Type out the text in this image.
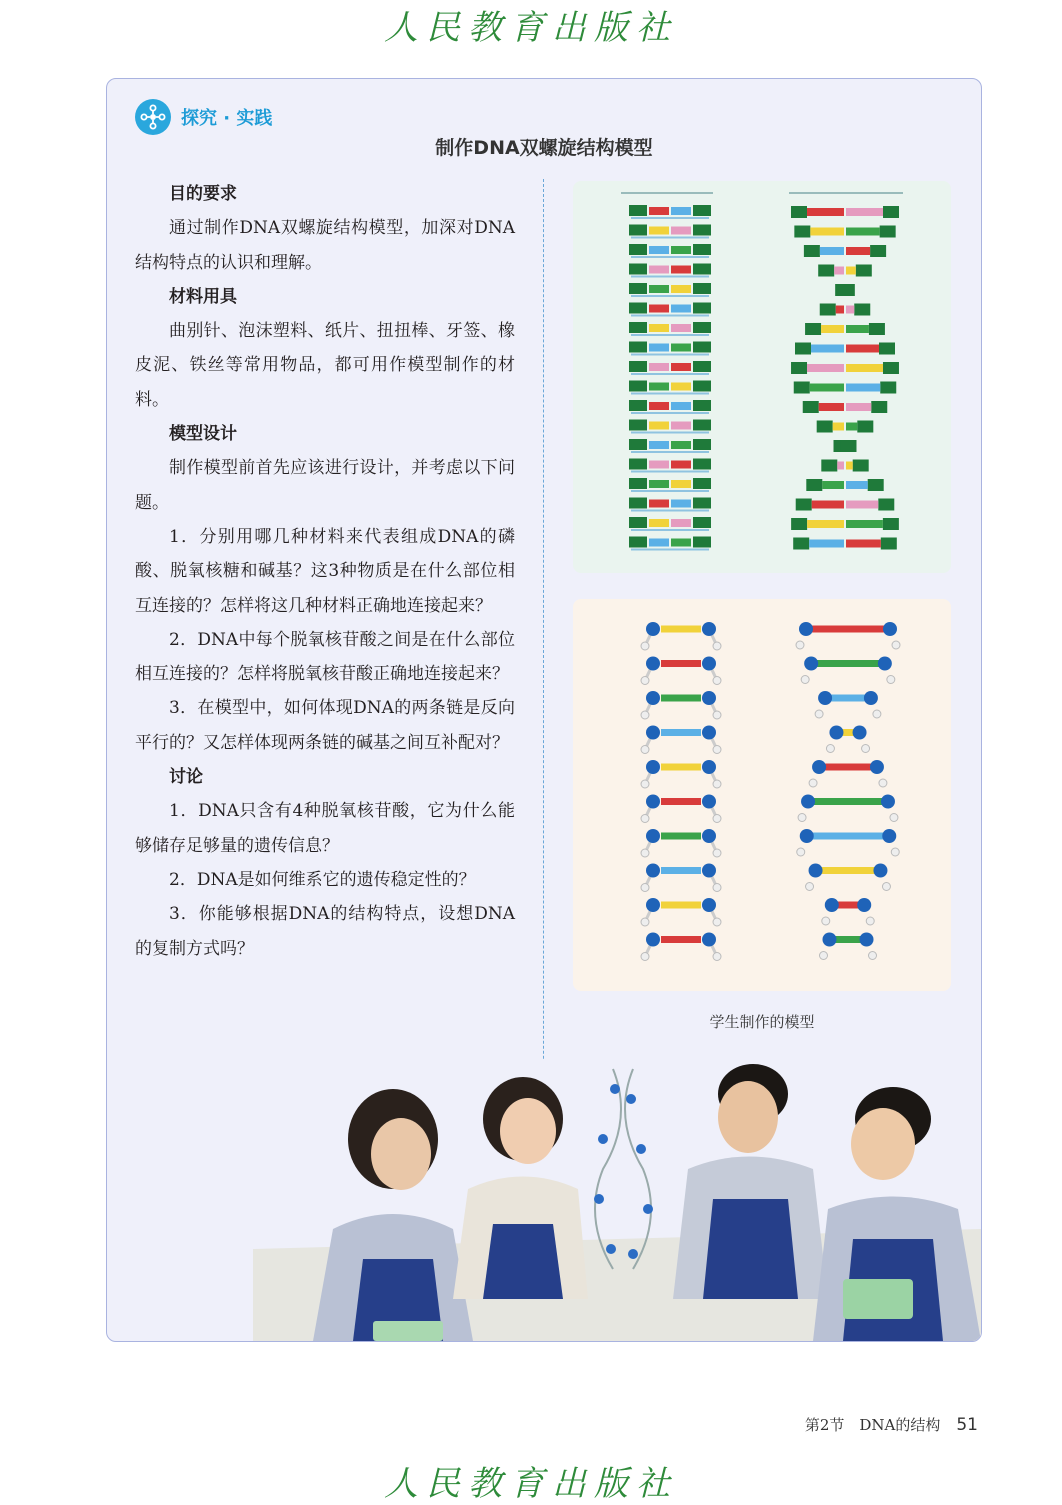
人民教育出版社
探究 · 实践
制作DNA双螺旋结构模型
目的要求

通过制作DNA双螺旋结构模型，加深对DNA结构特点的认识和理解。

材料用具

曲别针、泡沫塑料、纸片、扭扭棒、牙签、橡皮泥、铁丝等常用物品，都可用作模型制作的材料。

模型设计

制作模型前首先应该进行设计，并考虑以下问题。

1．分别用哪几种材料来代表组成DNA的磷酸、脱氧核糖和碱基？这3种物质是在什么部位相互连接的？怎样将这几种材料正确地连接起来？

2．DNA中每个脱氧核苷酸之间是在什么部位相互连接的？怎样将脱氧核苷酸正确地连接起来？

3．在模型中，如何体现DNA的两条链是反向平行的？又怎样体现两条链的碱基之间互补配对？

讨论

1．DNA只含有4种脱氧核苷酸，它为什么能够储存足够量的遗传信息？

2．DNA是如何维系它的遗传稳定性的？

3．你能够根据DNA的结构特点，设想DNA的复制方式吗？

学生制作的模型
第2节　DNA的结构 51
人民教育出版社
